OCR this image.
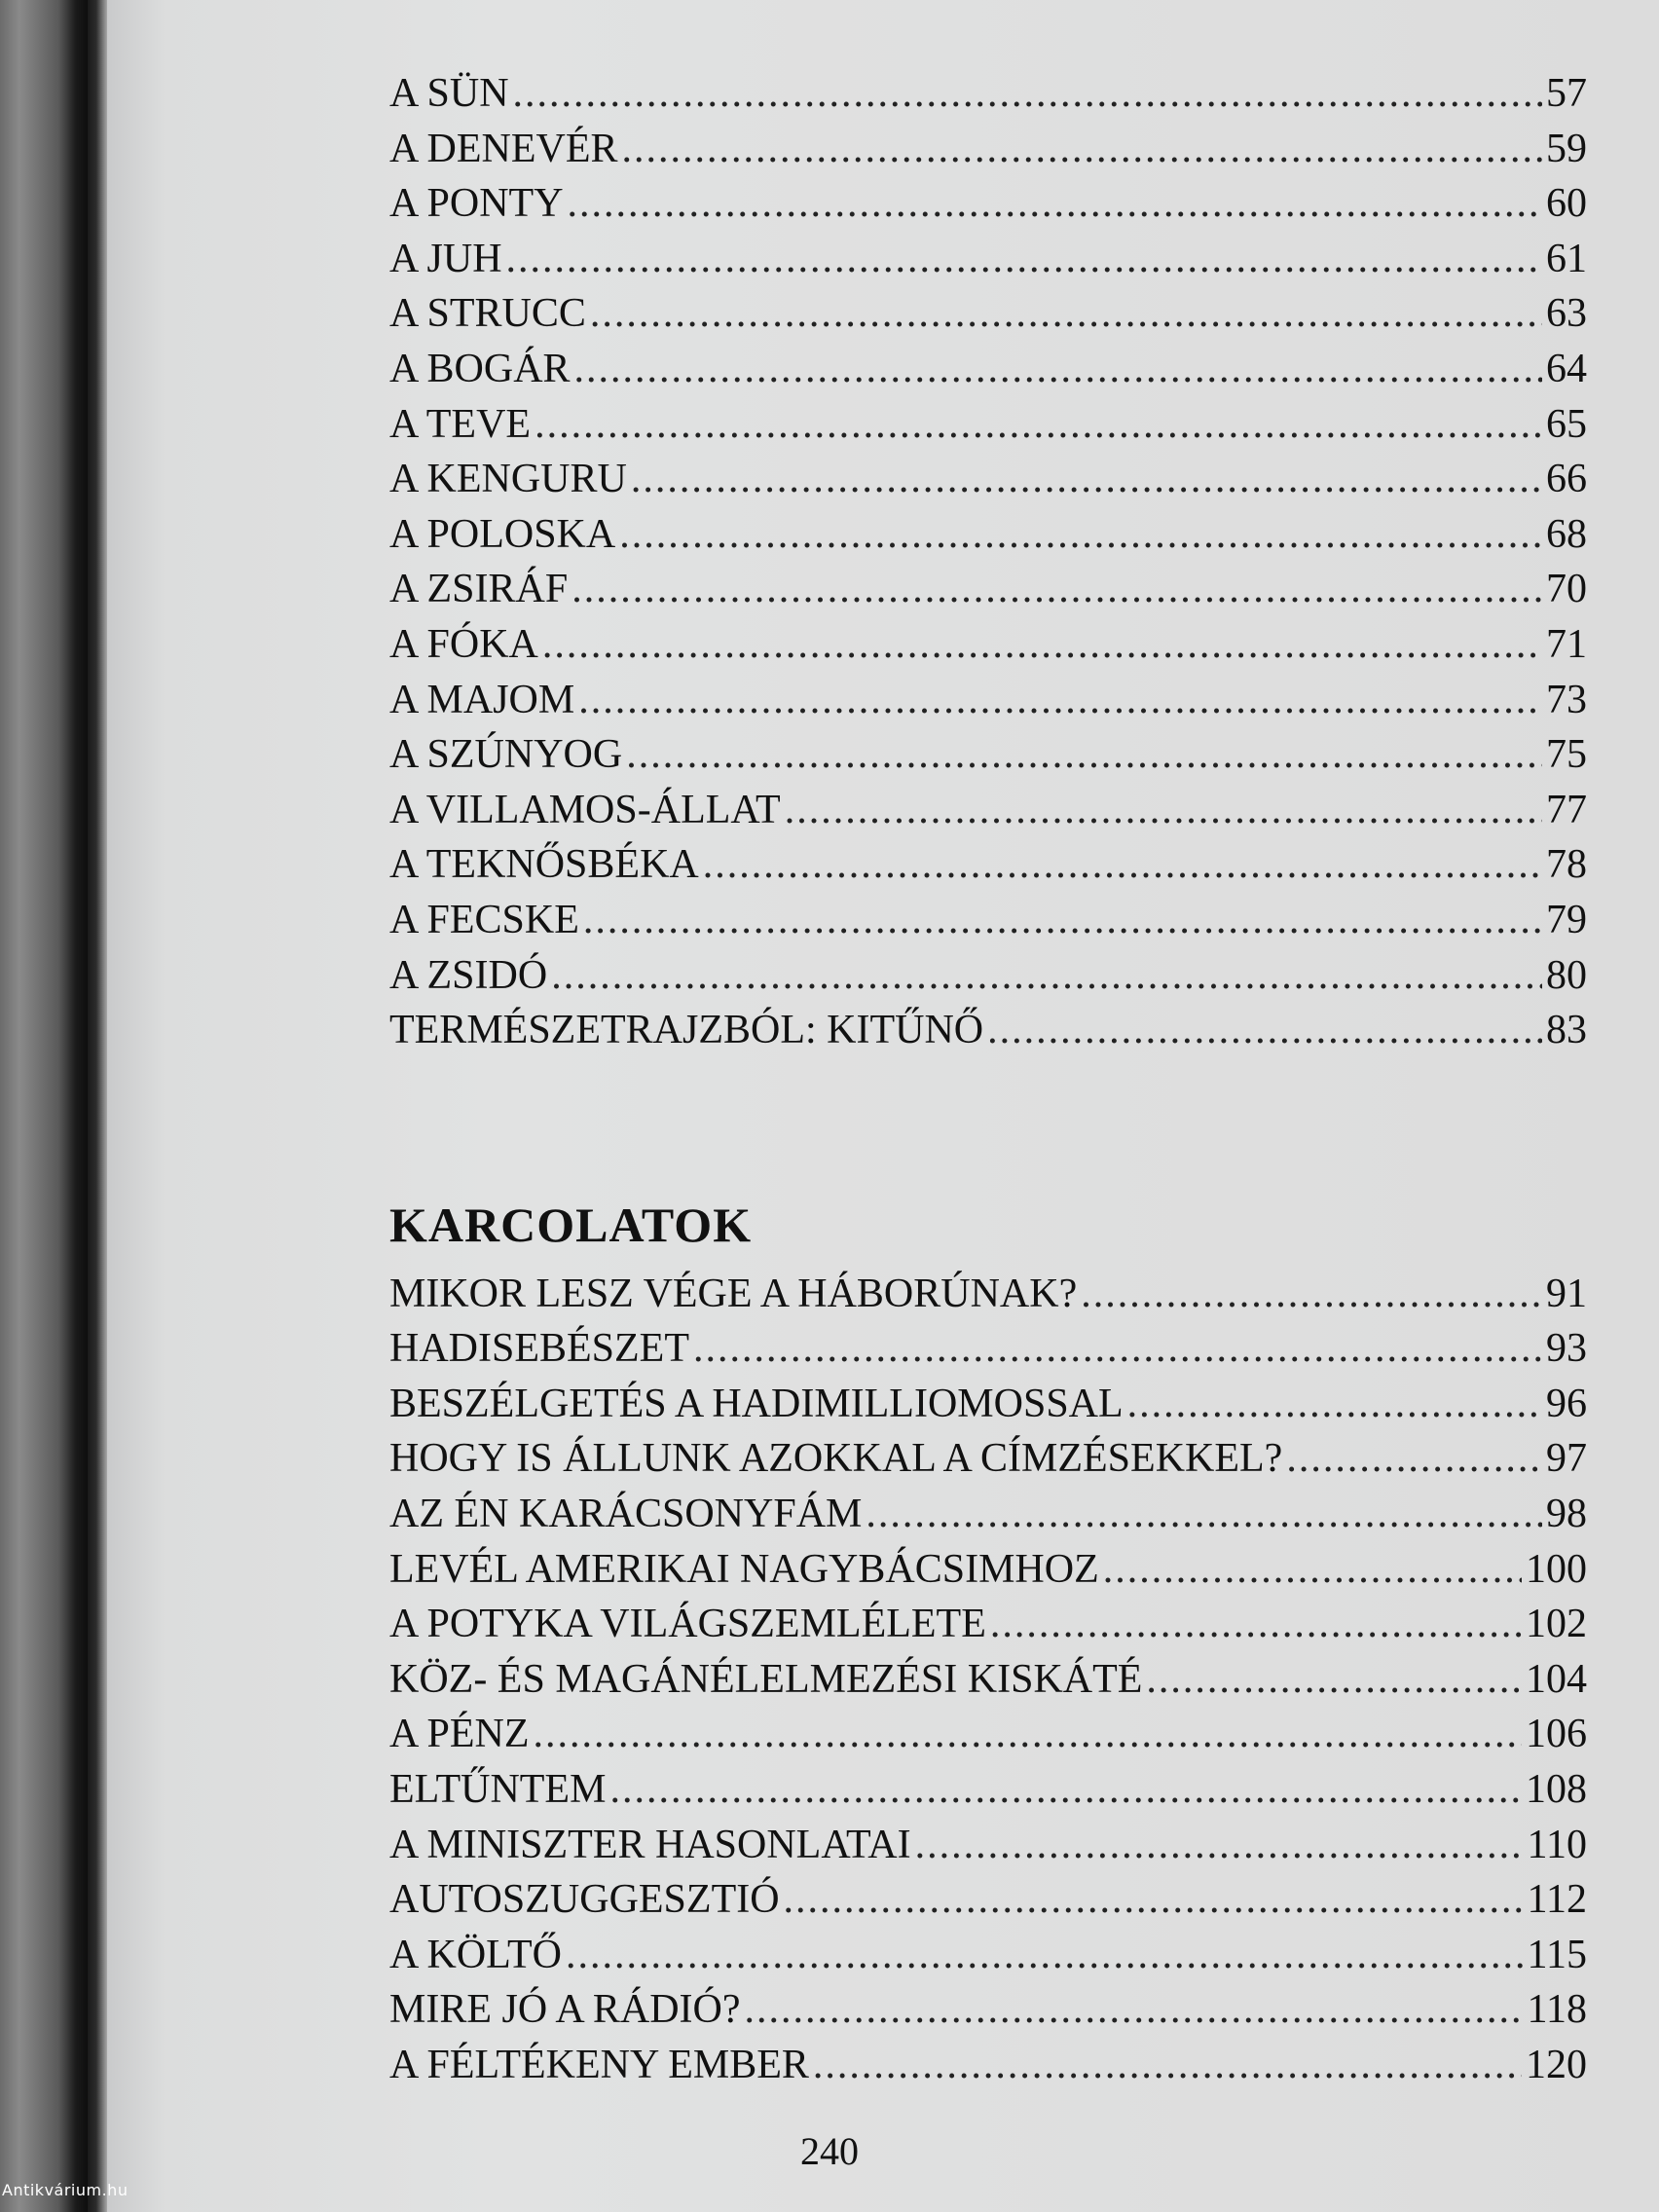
A SÜN .....	57
A DENEVÉR .....	59
A PONTY .....	60
A JUH .....	61
A STRUCC .....	63
A BOGÁR .....	64
A TEVE .....	65
A KENGURU .....	66
A POLOSKA .....	68
A ZSIRÁF .....	70
A FÓKA .....	71
A MAJOM .....	73
A SZÚNYOG .....	75
A VILLAMOS-ÁLLAT .....	77
A TEKNŐSBÉKA .....	78
A FECSKE .....	79
A ZSIDÓ .....	80
TERMÉSZETRAJZBÓL: KITŰNŐ .....	83
KARCOLATOK
MIKOR LESZ VÉGE A HÁBORÚNAK? .....	91
HADISEBÉSZET .....	93
BESZÉLGETÉS A HADIMILLIOMOSSAL .....	96
HOGY IS ÁLLUNK AZOKKAL A CÍMZÉSEKKEL? .....	97
AZ ÉN KARÁCSONYFÁM .....	98
LEVÉL AMERIKAI NAGYBÁCSIMHOZ .....	100
A POTYKA VILÁGSZEMLÉLETE .....	102
KÖZ- ÉS MAGÁNÉLELMEZÉSI KISKÁTÉ .....	104
A PÉNZ .....	106
ELTŰNTEM .....	108
A MINISZTER HASONLATAI .....	110
AUTOSZUGGESZTIÓ .....	112
A KÖLTŐ .....	115
MIRE JÓ A RÁDIÓ? .....	118
A FÉLTÉKENY EMBER .....	120
240
Antikvárium.hu
